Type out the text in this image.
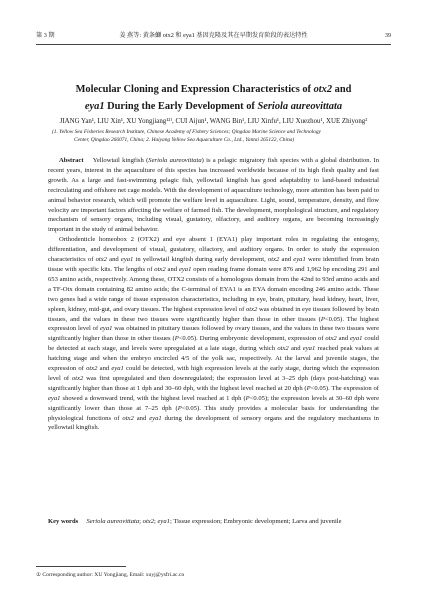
第 3 期	姜 燕等: 黄条鰤 otx2 和 eya1 基因克隆及其在早期发育阶段的表达特性	39
Molecular Cloning and Expression Characteristics of otx2 and
eya1 During the Early Development of Seriola aureovittata
JIANG Yan¹, LIU Xin¹, XU Yongjiang¹²⁾, CUI Aijun¹, WANG Bin¹, LIU Xinfu¹, LIU Xuezhou¹, XUE Zhiyong²
(1. Yellow Sea Fisheries Research Institute, Chinese Academy of Fishery Sciences; Qingdao Marine Science and Technology
Center, Qingdao 266071, China; 2. Haiyang Yellow Sea Aquaculture Co., Ltd., Yantai 265122, China)

Abstract Yellowtail kingfish (Seriola aureovittata) is a pelagic migratory fish species with a global distribution. In recent years, interest in the aquaculture of this species has increased worldwide because of its high flesh quality and fast growth. As a large and fast-swimming pelagic fish, yellowtail kingfish has good adaptability to land-based industrial recirculating and offshore net cage models. With the development of aquaculture technology, more attention has been paid to animal behavior research, which will promote the welfare level in aquaculture. Light, sound, temperature, density, and flow velocity are important factors affecting the welfare of farmed fish. The development, morphological structure, and regulatory mechanism of sensory organs, including visual, gustatory, olfactory, and auditory organs, are becoming increasingly important in the study of animal behavior.

Orthodenticle homeobox 2 (OTX2) and eye absent 1 (EYA1) play important roles in regulating the entogeny, differentiation, and development of visual, gustatory, olfactory, and auditory organs. In order to study the expression characteristics of otx2 and eya1 in yellowtail kingfish during early development, otx2 and eya1 were identified from brain tissue with specific kits. The lengths of otx2 and eya1 open reading frame domain were 876 and 1,962 bp encoding 291 and 653 amino acids, respectively. Among these, OTX2 consists of a homologous domain from the 42nd to 93rd amino acids and a TF-Otx domain containing 82 amino acids; the C-terminal of EYA1 is an EYA domain encoding 246 amino acids. These two genes had a wide range of tissue expression characteristics, including in eye, brain, pituitary, head kidney, heart, liver, spleen, kidney, mid-gut, and ovary tissues. The highest expression level of otx2 was obtained in eye tissues followed by brain tissues, and the values in these two tissues were significantly higher than those in other tissues (P<0.05). The highest expression level of eya1 was obtained in pituitary tissues followed by ovary tissues, and the values in these two tissues were significantly higher than those in other tissues (P<0.05). During embryonic development, expression of otx2 and eya1 could be detected at each stage, and levels were upregulated at a late stage, during which otx2 and eya1 reached peak values at hatching stage and when the embryo encircled 4/5 of the yolk sac, respectively. At the larval and juvenile stages, the expression of otx2 and eya1 could be detected, with high expression levels at the early stage, during which the expression level of otx2 was first upregulated and then downregulated; the expression level at 3–25 dph (days post-hatching) was significantly higher than those at 1 dph and 30–60 dph, with the highest level reached at 20 dph (P<0.05). The expression of eya1 showed a downward trend, with the highest level reached at 1 dph (P<0.05); the expression levels at 30–60 dph were significantly lower than those at 7–25 dph (P<0.05). This study provides a molecular basis for understanding the physiological functions of otx2 and eya1 during the development of sensory organs and the regulatory mechanisms in yellowtail kingfish.

Key words Seriola aureovittata; otx2; eya1; Tissue expression; Embryonic development; Larva and juvenile
① Corresponding author: XU Yongjiang, Email: xuyj@ysfri.ac.cn
